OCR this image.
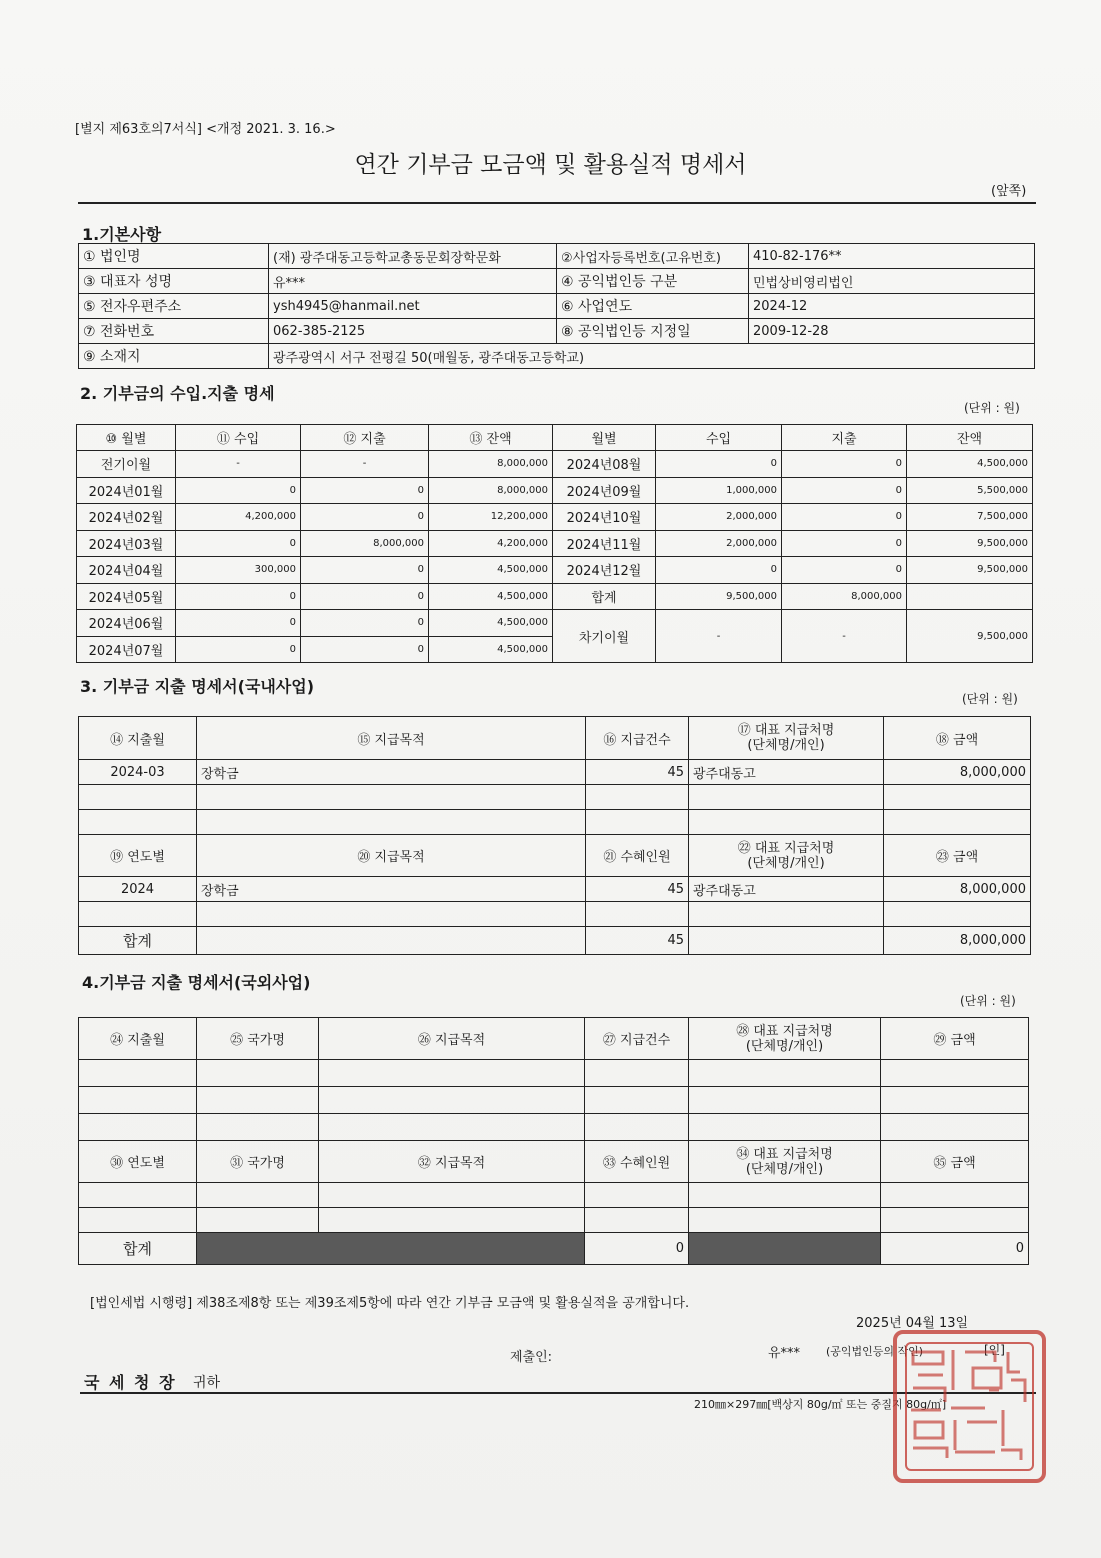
[별지 제63호의7서식] <개정 2021. 3. 16.>
연간 기부금 모금액 및 활용실적 명세서
(앞쪽)
1.기본사항
① 법인명	(재) 광주대동고등학교총동문회장학문화	②사업자등록번호(고유번호)	410-82-176**
③ 대표자 성명	유***	④ 공익법인등 구분	민법상비영리법인
⑤ 전자우편주소	ysh4945@hanmail.net	⑥ 사업연도	2024-12
⑦ 전화번호	062-385-2125	⑧ 공익법인등 지정일	2009-12-28
⑨ 소재지	광주광역시 서구 전평길 50(매월동, 광주대동고등학교)		
2. 기부금의 수입.지출 명세
(단위 : 원)
⑩ 월별	⑪ 수입	⑫ 지출	⑬ 잔액	월별	수입	지출	잔액
전기이월	-	-	8,000,000	2024년08월	0	0	4,500,000
2024년01월	0	0	8,000,000	2024년09월	1,000,000	0	5,500,000
2024년02월	4,200,000	0	12,200,000	2024년10월	2,000,000	0	7,500,000
2024년03월	0	8,000,000	4,200,000	2024년11월	2,000,000	0	9,500,000
2024년04월	300,000	0	4,500,000	2024년12월	0	0	9,500,000
2024년05월	0	0	4,500,000	합계	9,500,000	8,000,000	
2024년06월	0	0	4,500,000	차기이월	-	-	9,500,000
2024년07월	0	0	4,500,000				
3. 기부금 지출 명세서(국내사업)
(단위 : 원)
⑭ 지출월	⑮ 지급목적	⑯ 지급건수	⑰ 대표 지급처명
(단체명/개인)	⑱ 금액
2024-03	장학금	45	광주대동고	8,000,000

⑲ 연도별	⑳ 지급목적	㉑ 수혜인원	㉒ 대표 지급처명
(단체명/개인)	㉓ 금액
2024	장학금	45	광주대동고	8,000,000

합계		45		8,000,000
4.기부금 지출 명세서(국외사업)
(단위 : 원)
㉔ 지출월	㉕ 국가명	㉖ 지급목적	㉗ 지급건수	㉘ 대표 지급처명
(단체명/개인)	㉙ 금액

㉚ 연도별	㉛ 국가명	㉜ 지급목적	㉝ 수혜인원	㉞ 대표 지급처명
(단체명/개인)	㉟ 금액

합계			0		0
[법인세법 시행령] 제38조제8항 또는 제39조제5항에 따라 연간 기부금 모금액 및 활용실적을 공개합니다.
2025년 04월 13일
제출인:	유*** (공익법인등의 작인)	[인]
국 세 청 장 귀하
210㎜×297㎜[백상지 80g/㎡ 또는 중질지 80g/㎡]
